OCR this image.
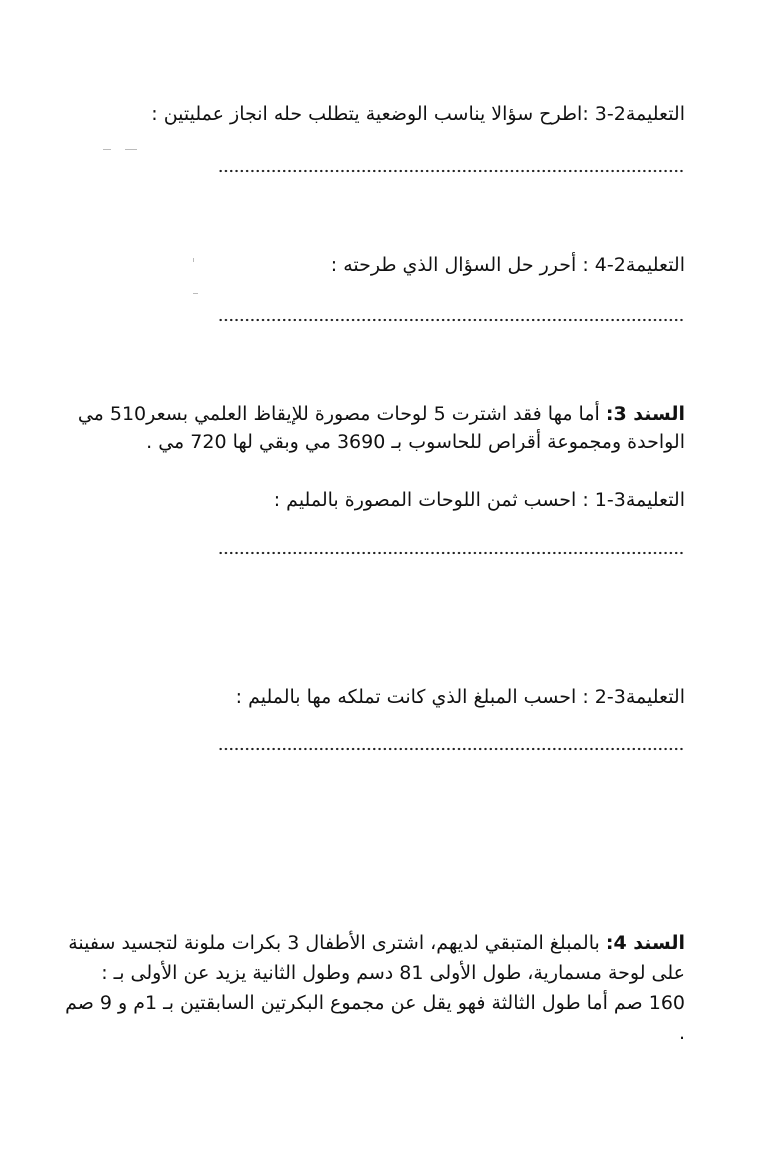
التعليمة2-3 :اطرح سؤالا يناسب الوضعية يتطلب حله انجاز عمليتين :
التعليمة2-4 : أحرر حل السؤال الذي طرحته :
السند 3: أما مها فقد اشترت 5 لوحات مصورة للإيقاظ العلمي بسعر510 مي
الواحدة ومجموعة أقراص للحاسوب بـ 3690 مي وبقي لها 720 مي .
التعليمة3-1 : احسب ثمن اللوحات المصورة بالمليم :
التعليمة3-2 : احسب المبلغ الذي كانت تملكه مها بالمليم :
السند 4: بالمبلغ المتبقي لديهم، اشترى الأطفال 3 بكرات ملونة لتجسيد سفينة
على لوحة مسمارية، طول الأولى 81 دسم وطول الثانية يزيد عن الأولى بـ :
160 صم أما طول الثالثة فهو يقل عن مجموع البكرتين السابقتين بـ 1م و 9 صم
.
